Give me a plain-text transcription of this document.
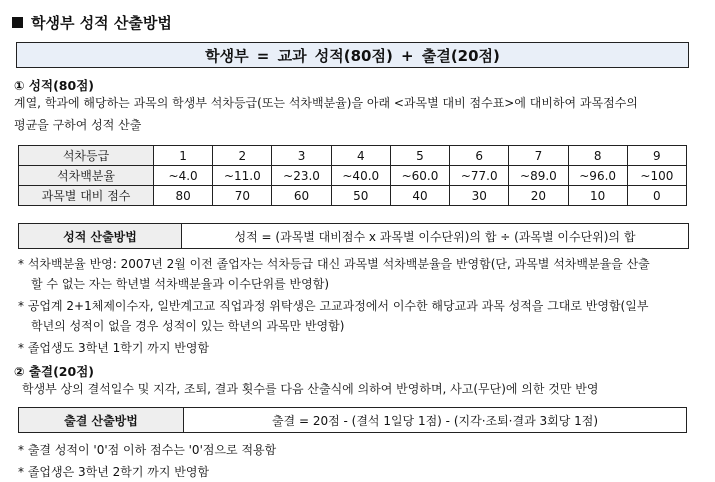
학생부 성적 산출방법
학생부 = 교과 성적(80점) + 출결(20점)
① 성적(80점)
계열, 학과에 해당하는 과목의 학생부 석차등급(또는 석차백분율)을 아래 <과목별 대비 점수표>에 대비하여 과목점수의
평균을 구하여 성적 산출
석차등급	1	2	3	4	5	6	7	8	9
석차백분율	~4.0	~11.0	~23.0	~40.0	~60.0	~77.0	~89.0	~96.0	~100
과목별 대비 점수	80	70	60	50	40	30	20	10	0
성적 산출방법	성적 = (과목별 대비점수 x 과목별 이수단위)의 합 ÷ (과목별 이수단위)의 합
* 석차백분율 반영: 2007년 2월 이전 졸업자는 석차등급 대신 과목별 석차백분율을 반영함(단, 과목별 석차백분율을 산출
할 수 없는 자는 학년별 석차백분율과 이수단위를 반영함)
* 공업계 2+1체제이수자, 일반계고교 직업과정 위탁생은 고교과정에서 이수한 해당교과 과목 성적을 그대로 반영함(일부
학년의 성적이 없을 경우 성적이 있는 학년의 과목만 반영함)
* 졸업생도 3학년 1학기 까지 반영함
② 출결(20점)
학생부 상의 결석일수 및 지각, 조퇴, 결과 횟수를 다음 산출식에 의하여 반영하며, 사고(무단)에 의한 것만 반영
출결 산출방법	출결 = 20점 - (결석 1일당 1점) - (지각·조퇴·결과 3회당 1점)
* 출결 성적이 '0'점 이하 점수는 '0'점으로 적용함
* 졸업생은 3학년 2학기 까지 반영함
